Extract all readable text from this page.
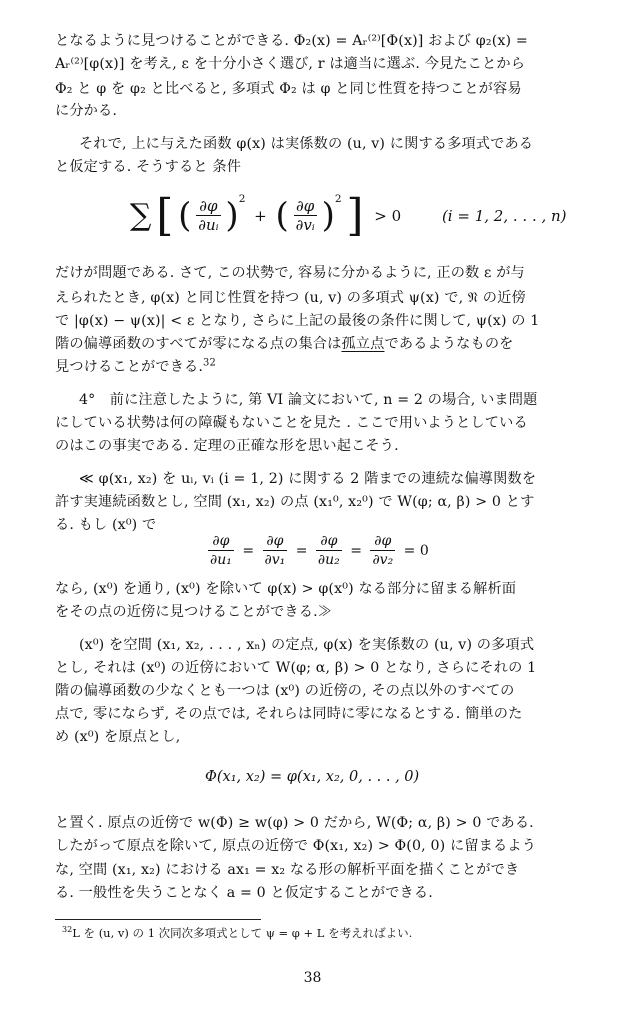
となるように見つけることができる. Φ₂(x) = Aᵣ⁽²⁾[Φ(x)] および φ₂(x) =
Aᵣ⁽²⁾[φ(x)] を考え, ε を十分小さく選び, r は適当に選ぶ. 今見たことから
Φ₂ と φ を φ₂ と比べると, 多項式 Φ₂ は φ と同じ性質を持つことが容易
に分かる.
それで, 上に与えた函数 φ(x) は実係数の (u, v) に関する多項式である
と仮定する. そうすると 条件
∑ [ ( $\frac{\partial\varphi}{\text{∂uᵢ}} )^2$ + ( $\frac{\partial\varphi}{\text{∂vᵢ}} )^2$ ] > 0	(i = 1, 2, . . . , n)
だけが問題である. さて, この状勢で, 容易に分かるように, 正の数 ε が与
えられたとき, φ(x) と同じ性質を持つ (u, v) の多項式 ψ(x) で, 𝔑 の近傍
で |φ(x) − ψ(x)| < ε となり, さらに上記の最後の条件に関して, ψ(x) の 1
階の偏導函数のすべてが零になる点の集合は孤立点であるようなものを
見つけることができる.$^{32}$
4°　前に注意したように, 第 VI 論文において, n = 2 の場合, いま問題
にしている状勢は何の障礙もないことを見た . ここで用いようとしている
のはこの事実である. 定理の正確な形を思い起こそう.
≪ φ(x₁, x₂) を uᵢ, vᵢ (i = 1, 2) に関する 2 階までの連続な偏導関数を
許す実連続函数とし, 空間 (x₁, x₂) の点 (x₁⁰, x₂⁰) で W(φ; α, β) > 0 とす
る. もし (x⁰) で
$\frac{\partial\varphi}{\text{∂u₁}} = \frac{\partial\varphi}{\text{∂v₁}} = \frac{\partial\varphi}{\text{∂u₂}} = \frac{\partial\varphi}{\text{∂v₂}} = 0$
なら, (x⁰) を通り, (x⁰) を除いて φ(x) > φ(x⁰) なる部分に留まる解析面
をその点の近傍に見つけることができる.≫
(x⁰) を空間 (x₁, x₂, . . . , xₙ) の定点, φ(x) を実係数の (u, v) の多項式
とし, それは (x⁰) の近傍において W(φ; α, β) > 0 となり, さらにそれの 1
階の偏導函数の少なくとも一つは (x⁰) の近傍の, その点以外のすべての
点で, 零にならず, その点では, それらは同時に零になるとする. 簡単のた
め (x⁰) を原点とし,
Φ(x₁, x₂) = φ(x₁, x₂, 0, . . . , 0)
と置く. 原点の近傍で w(Φ) ≥ w(φ) > 0 だから, W(Φ; α, β) > 0 である.
したがって原点を除いて, 原点の近傍で Φ(x₁, x₂) > Φ(0, 0) に留まるよう
な, 空間 (x₁, x₂) における ax₁ = x₂ なる形の解析平面を描くことができ
る. 一般性を失うことなく a = 0 と仮定することができる.
$^{32}$L を (u, v) の 1 次同次多項式として ψ = φ + L を考えればよい.
38
